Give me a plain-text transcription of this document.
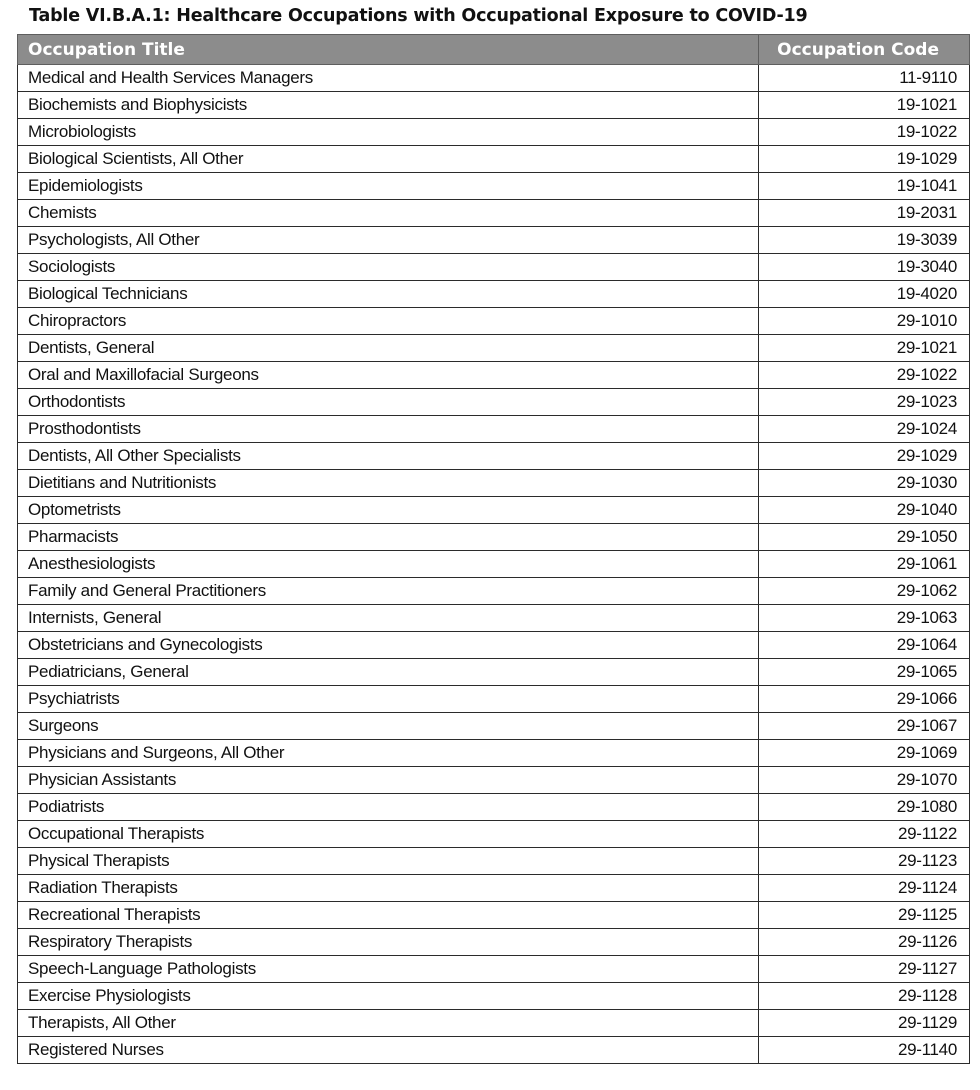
Table VI.B.A.1: Healthcare Occupations with Occupational Exposure to COVID-19
Occupation Title	Occupation Code
Medical and Health Services Managers	11-9110
Biochemists and Biophysicists	19-1021
Microbiologists	19-1022
Biological Scientists, All Other	19-1029
Epidemiologists	19-1041
Chemists	19-2031
Psychologists, All Other	19-3039
Sociologists	19-3040
Biological Technicians	19-4020
Chiropractors	29-1010
Dentists, General	29-1021
Oral and Maxillofacial Surgeons	29-1022
Orthodontists	29-1023
Prosthodontists	29-1024
Dentists, All Other Specialists	29-1029
Dietitians and Nutritionists	29-1030
Optometrists	29-1040
Pharmacists	29-1050
Anesthesiologists	29-1061
Family and General Practitioners	29-1062
Internists, General	29-1063
Obstetricians and Gynecologists	29-1064
Pediatricians, General	29-1065
Psychiatrists	29-1066
Surgeons	29-1067
Physicians and Surgeons, All Other	29-1069
Physician Assistants	29-1070
Podiatrists	29-1080
Occupational Therapists	29-1122
Physical Therapists	29-1123
Radiation Therapists	29-1124
Recreational Therapists	29-1125
Respiratory Therapists	29-1126
Speech-Language Pathologists	29-1127
Exercise Physiologists	29-1128
Therapists, All Other	29-1129
Registered Nurses	29-1140
